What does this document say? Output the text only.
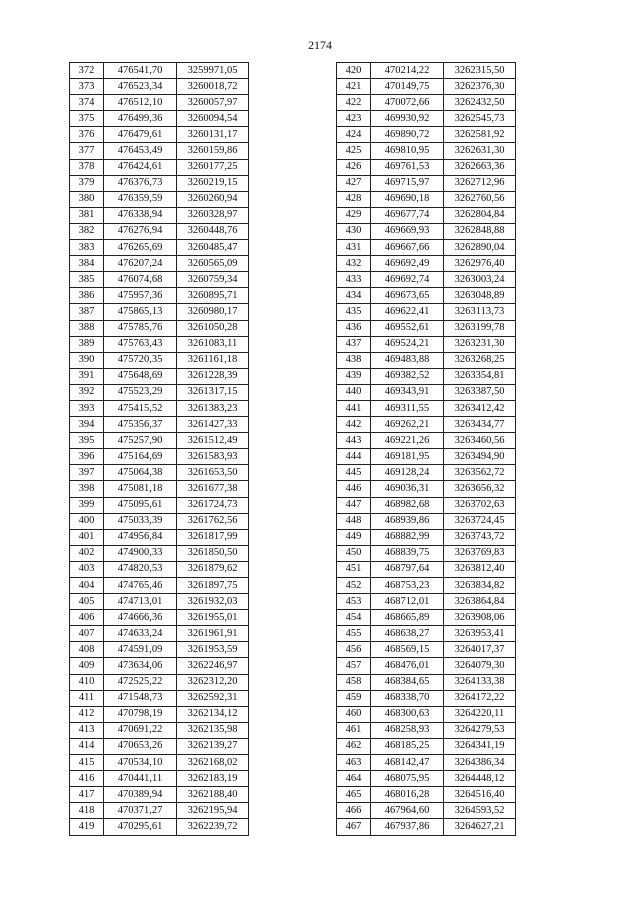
2174
372	476541,70	3259971,05
373	476523,34	3260018,72
374	476512,10	3260057,97
375	476499,36	3260094,54
376	476479,61	3260131,17
377	476453,49	3260159,86
378	476424,61	3260177,25
379	476376,73	3260219,15
380	476359,59	3260260,94
381	476338,94	3260328,97
382	476276,94	3260448,76
383	476265,69	3260485,47
384	476207,24	3260565,09
385	476074,68	3260759,34
386	475957,36	3260895,71
387	475865,13	3260980,17
388	475785,76	3261050,28
389	475763,43	3261083,11
390	475720,35	3261161,18
391	475648,69	3261228,39
392	475523,29	3261317,15
393	475415,52	3261383,23
394	475356,37	3261427,33
395	475257,90	3261512,49
396	475164,69	3261583,93
397	475064,38	3261653,50
398	475081,18	3261677,38
399	475095,61	3261724,73
400	475033,39	3261762,56
401	474956,84	3261817,99
402	474900,33	3261850,50
403	474820,53	3261879,62
404	474765,46	3261897,75
405	474713,01	3261932,03
406	474666,36	3261955,01
407	474633,24	3261961,91
408	474591,09	3261953,59
409	473634,06	3262246,97
410	472525,22	3262312,20
411	471548,73	3262592,31
412	470798,19	3262134,12
413	470691,22	3262135,98
414	470653,26	3262139,27
415	470534,10	3262168,02
416	470441,11	3262183,19
417	470389,94	3262188,40
418	470371,27	3262195,94
419	470295,61	3262239,72
420	470214,22	3262315,50
421	470149,75	3262376,30
422	470072,66	3262432,50
423	469930,92	3262545,73
424	469890,72	3262581,92
425	469810,95	3262631,30
426	469761,53	3262663,36
427	469715,97	3262712,96
428	469690,18	3262760,56
429	469677,74	3262804,84
430	469669,93	3262848,88
431	469667,66	3262890,04
432	469692,49	3262976,40
433	469692,74	3263003,24
434	469673,65	3263048,89
435	469622,41	3263113,73
436	469552,61	3263199,78
437	469524,21	3263231,30
438	469483,88	3263268,25
439	469382,52	3263354,81
440	469343,91	3263387,50
441	469311,55	3263412,42
442	469262,21	3263434,77
443	469221,26	3263460,56
444	469181,95	3263494,90
445	469128,24	3263562,72
446	469036,31	3263656,32
447	468982,68	3263702,63
448	468939,86	3263724,45
449	468882,99	3263743,72
450	468839,75	3263769,83
451	468797,64	3263812,40
452	468753,23	3263834,82
453	468712,01	3263864,84
454	468665,89	3263908,06
455	468638,27	3263953,41
456	468569,15	3264017,37
457	468476,01	3264079,30
458	468384,65	3264133,38
459	468338,70	3264172,22
460	468300,63	3264220,11
461	468258,93	3264279,53
462	468185,25	3264341,19
463	468142,47	3264386,34
464	468075,95	3264448,12
465	468016,28	3264516,40
466	467964,60	3264593,52
467	467937,86	3264627,21
